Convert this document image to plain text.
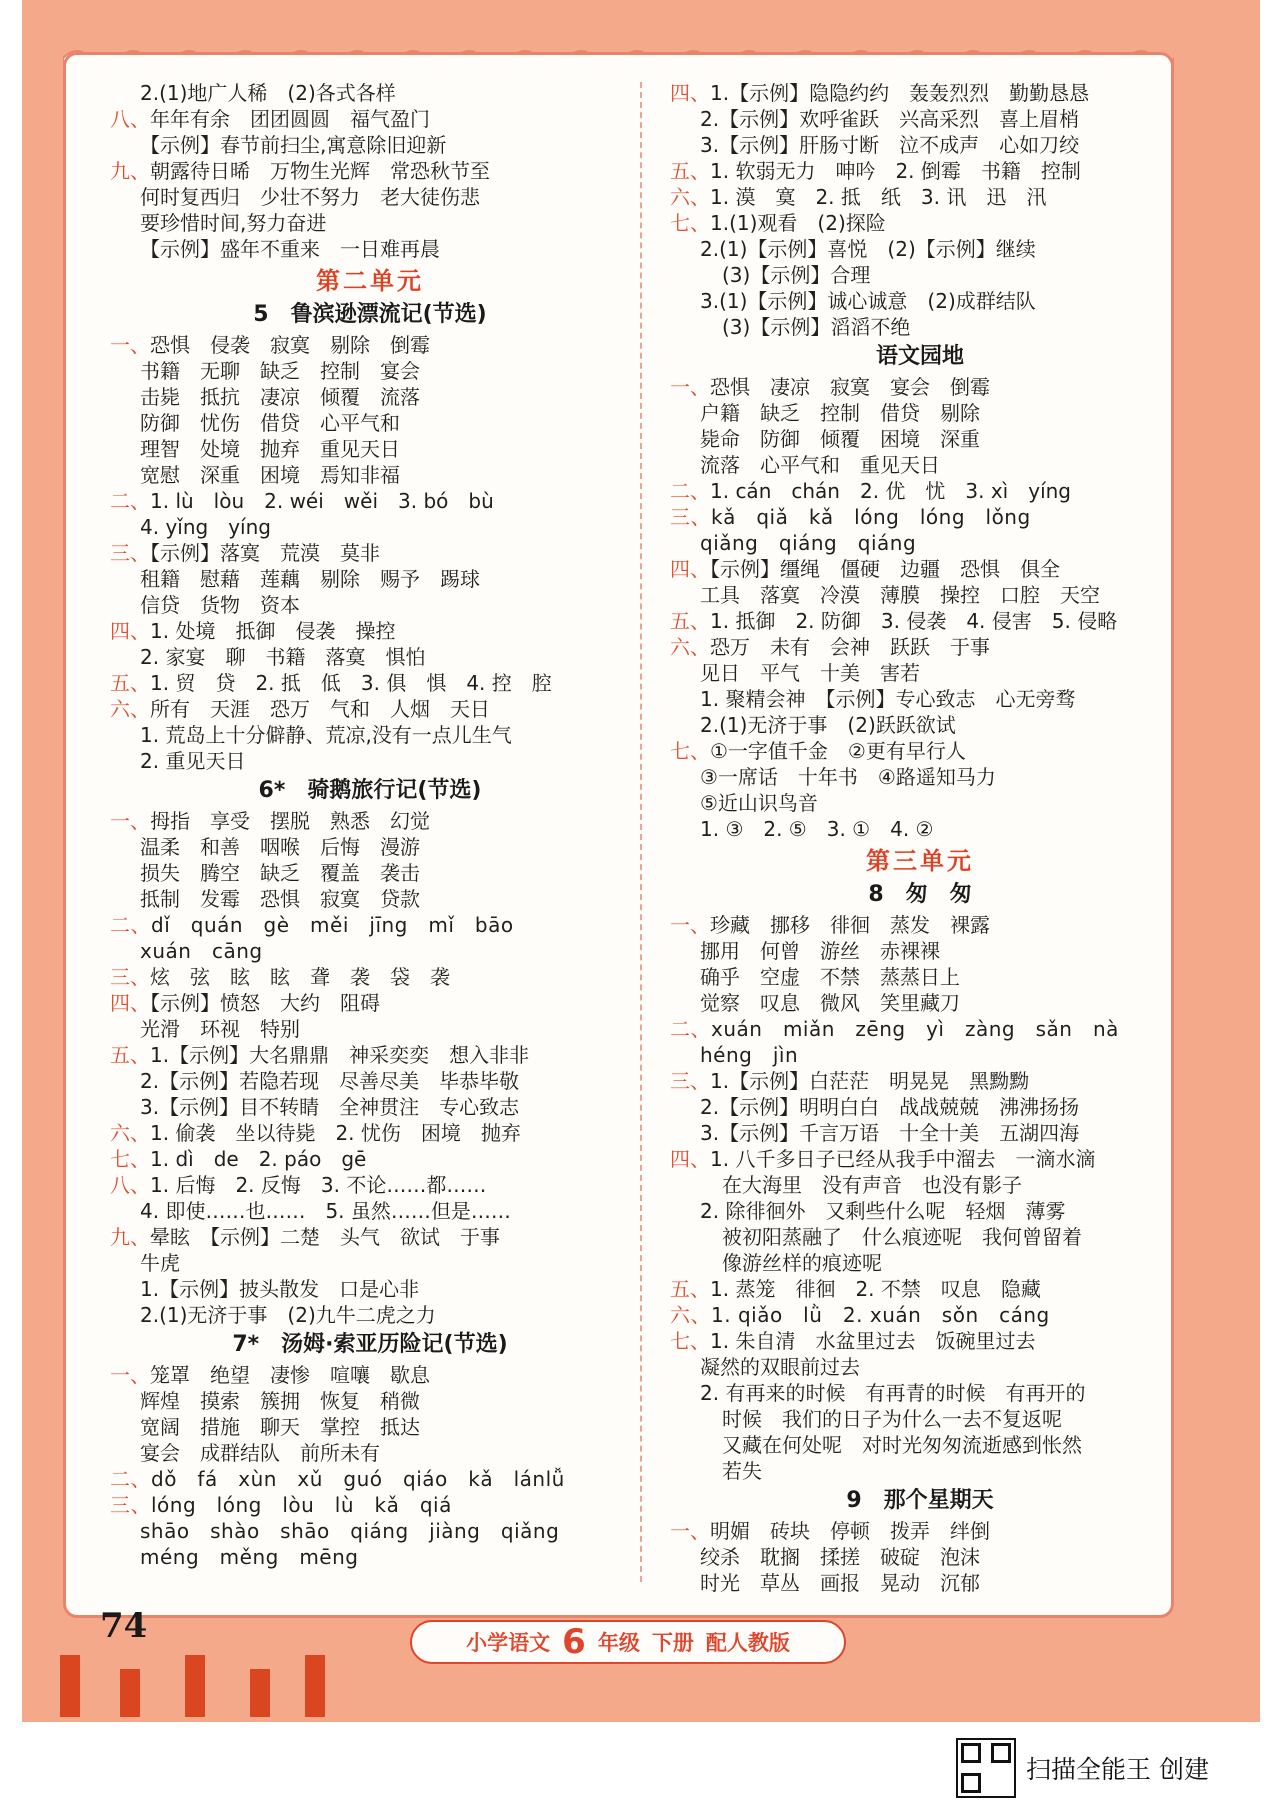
2.(1)地广人稀　(2)各式各样
八、年年有余　团团圆圆　福气盈门
【示例】春节前扫尘,寓意除旧迎新
九、朝露待日晞　万物生光辉　常恐秋节至
何时复西归　少壮不努力　老大徒伤悲
要珍惜时间,努力奋进
【示例】盛年不重来　一日难再晨
第二单元
5　鲁滨逊漂流记(节选)
一、恐惧　侵袭　寂寞　剔除　倒霉
书籍　无聊　缺乏　控制　宴会
击毙　抵抗　凄凉　倾覆　流落
防御　忧伤　借贷　心平气和
理智　处境　抛弃　重见天日
宽慰　深重　困境　焉知非福
二、1. lù　lòu　2. wéi　wěi　3. bó　bù
4. yǐng　yíng
三、【示例】落寞　荒漠　莫非
租籍　慰藉　莲藕　剔除　赐予　踢球
信贷　货物　资本
四、1. 处境　抵御　侵袭　操控
2. 家宴　聊　书籍　落寞　惧怕
五、1. 贸　贷　2. 抵　低　3. 俱　惧　4. 控　腔
六、所有　天涯　恐万　气和　人烟　天日
1. 荒岛上十分僻静、荒凉,没有一点儿生气
2. 重见天日
6*　骑鹅旅行记(节选)
一、拇指　享受　摆脱　熟悉　幻觉
温柔　和善　咽喉　后悔　漫游
损失　腾空　缺乏　覆盖　袭击
抵制　发霉　恐惧　寂寞　贷款
二、dǐ　quán　gè　měi　jīng　mǐ　bāo
xuán　cāng
三、炫　弦　眩　眩　聋　袭　袋　袭
四、【示例】愤怒　大约　阻碍
光滑　环视　特别
五、1.【示例】大名鼎鼎　神采奕奕　想入非非
2.【示例】若隐若现　尽善尽美　毕恭毕敬
3.【示例】目不转睛　全神贯注　专心致志
六、1. 偷袭　坐以待毙　2. 忧伤　困境　抛弃
七、1. dì　de　2. páo　gē
八、1. 后悔　2. 反悔　3. 不论……都……
4. 即使……也……　5. 虽然……但是……
九、晕眩　【示例】二楚　头气　欲试　于事
牛虎
1.【示例】披头散发　口是心非
2.(1)无济于事　(2)九牛二虎之力
7*　汤姆·索亚历险记(节选)
一、笼罩　绝望　凄惨　喧嚷　歇息
辉煌　摸索　簇拥　恢复　稍微
宽阔　措施　聊天　掌控　抵达
宴会　成群结队　前所未有
二、dǒ　fá　xùn　xǔ　guó　qiáo　kǎ　lánlǚ
三、lóng　lóng　lòu　lù　kǎ　qiá
shāo　shào　shāo　qiáng　jiàng　qiǎng
méng　měng　mēng
四、1.【示例】隐隐约约　轰轰烈烈　勤勤恳恳
2.【示例】欢呼雀跃　兴高采烈　喜上眉梢
3.【示例】肝肠寸断　泣不成声　心如刀绞
五、1. 软弱无力　呻吟　2. 倒霉　书籍　控制
六、1. 漠　寞　2. 抵　纸　3. 讯　迅　汛
七、1.(1)观看　(2)探险
2.(1)【示例】喜悦　(2)【示例】继续
(3)【示例】合理
3.(1)【示例】诚心诚意　(2)成群结队
(3)【示例】滔滔不绝
语文园地
一、恐惧　凄凉　寂寞　宴会　倒霉
户籍　缺乏　控制　借贷　剔除
毙命　防御　倾覆　困境　深重
流落　心平气和　重见天日
二、1. cán　chán　2. 优　忧　3. xì　yíng
三、kǎ　qiǎ　kǎ　lóng　lóng　lǒng
qiǎng　qiáng　qiáng
四、【示例】缰绳　僵硬　边疆　恐惧　俱全
工具　落寞　冷漠　薄膜　操控　口腔　天空
五、1. 抵御　2. 防御　3. 侵袭　4. 侵害　5. 侵略
六、恐万　未有　会神　跃跃　于事
见日　平气　十美　害若
1. 聚精会神　【示例】专心致志　心无旁骛
2.(1)无济于事　(2)跃跃欲试
七、①一字值千金　②更有早行人
③一席话　十年书　④路遥知马力
⑤近山识鸟音
1. ③　2. ⑤　3. ①　4. ②
第三单元
8　匆　匆
一、珍藏　挪移　徘徊　蒸发　裸露
挪用　何曾　游丝　赤裸裸
确乎　空虚　不禁　蒸蒸日上
觉察　叹息　微风　笑里藏刀
二、xuán　miǎn　zēng　yì　zàng　sǎn　nà
héng　jìn
三、1.【示例】白茫茫　明晃晃　黑黝黝
2.【示例】明明白白　战战兢兢　沸沸扬扬
3.【示例】千言万语　十全十美　五湖四海
四、1. 八千多日子已经从我手中溜去　一滴水滴
在大海里　没有声音　也没有影子
2. 除徘徊外　又剩些什么呢　轻烟　薄雾
被初阳蒸融了　什么痕迹呢　我何曾留着
像游丝样的痕迹呢
五、1. 蒸笼　徘徊　2. 不禁　叹息　隐藏
六、1. qiǎo　lǜ　2. xuán　sǒn　cáng
七、1. 朱自清　水盆里过去　饭碗里过去
凝然的双眼前过去
2. 有再来的时候　有再青的时候　有再开的
时候　我们的日子为什么一去不复返呢
又藏在何处呢　对时光匆匆流逝感到怅然
若失
9　那个星期天
一、明媚　砖块　停顿　拨弄　绊倒
绞杀　耽搁　揉搓　破碇　泡沫
时光　草丛　画报　晃动　沉郁
74	小学语文 6 年级 下册 配人教版
扫描全能王 创建
